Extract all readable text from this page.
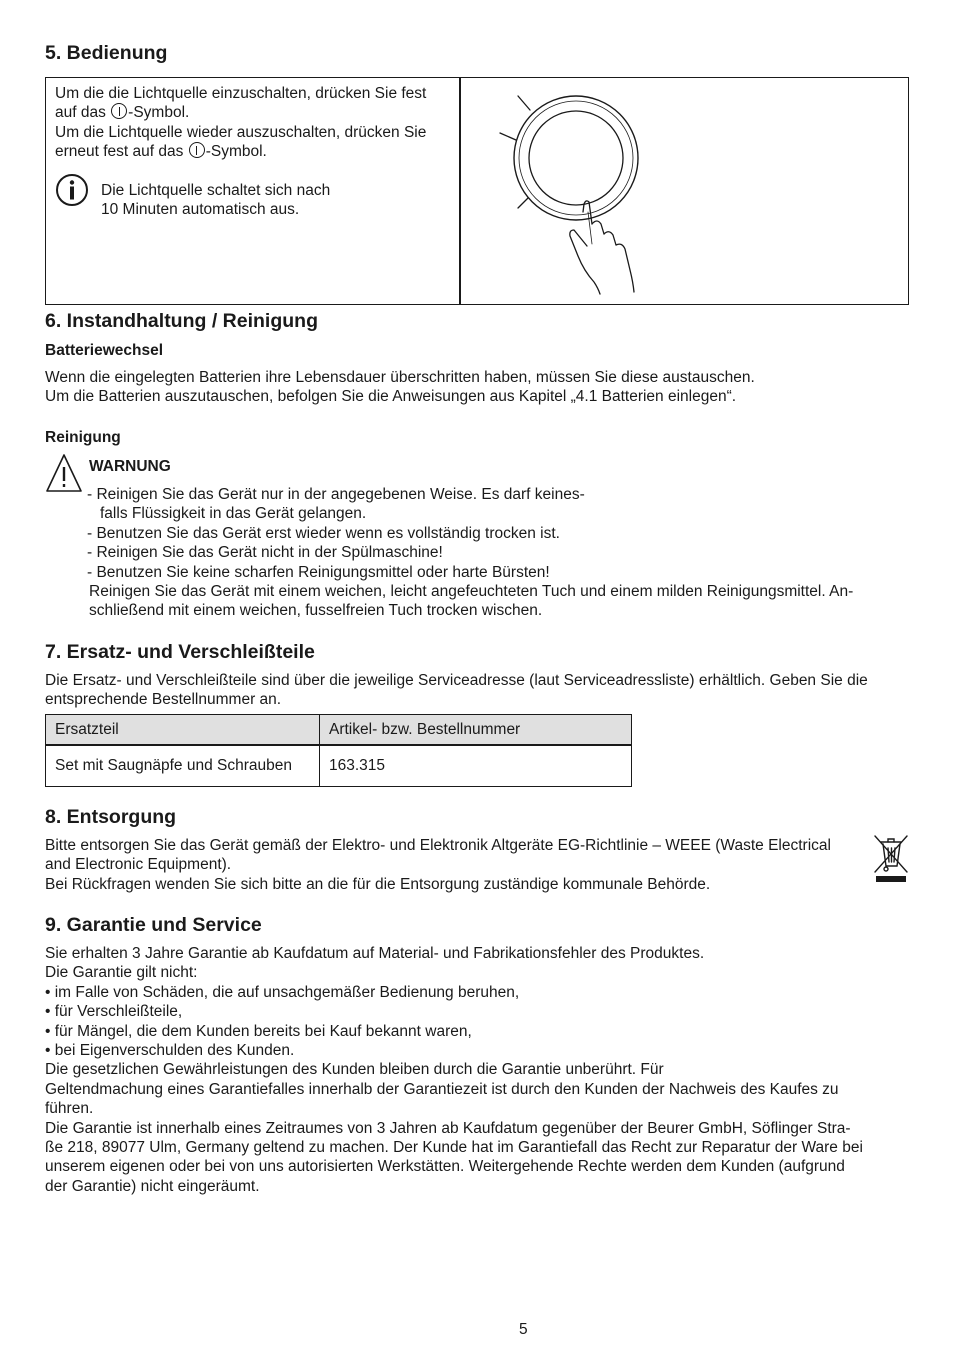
5. Bedienung
Um die die Lichtquelle einzuschalten, drücken Sie fest
auf das -Symbol.
Um die Lichtquelle wieder auszuschalten, drücken Sie
erneut fest auf das -Symbol.
Die Lichtquelle schaltet sich nach
10 Minuten automatisch aus.
6. Instandhaltung / Reinigung
Batteriewechsel
Wenn die eingelegten Batterien ihre Lebensdauer überschritten haben, müssen Sie diese austauschen.
Um die Batterien auszutauschen, befolgen Sie die Anweisungen aus Kapitel „4.1 Batterien einlegen“.
Reinigung
WARNUNG
- Reinigen Sie das Gerät nur in der angegebenen Weise. Es darf keines-
falls Flüssigkeit in das Gerät gelangen.
- Benutzen Sie das Gerät erst wieder wenn es vollständig trocken ist.
- Reinigen Sie das Gerät nicht in der Spülmaschine!
- Benutzen Sie keine scharfen Reinigungsmittel oder harte Bürsten!
Reinigen Sie das Gerät mit einem weichen, leicht angefeuchteten Tuch und einem milden Reinigungsmittel. An-
schließend mit einem weichen, fusselfreien Tuch trocken wischen.
7. Ersatz- und Verschleißteile
Die Ersatz- und Verschleißteile sind über die jeweilige Serviceadresse (laut Serviceadressliste) erhältlich. Geben Sie die
entsprechende Bestellnummer an.
Ersatzteil	Artikel- bzw. Bestellnummer
Set mit Saugnäpfe und Schrauben	163.315
8. Entsorgung
Bitte entsorgen Sie das Gerät gemäß der Elektro- und Elektronik Altgeräte EG-Richtlinie – WEEE (Waste Electrical
and Electronic Equipment).
Bei Rückfragen wenden Sie sich bitte an die für die Entsorgung zuständige kommunale Behörde.
9. Garantie und Service
Sie erhalten 3 Jahre Garantie ab Kaufdatum auf Material- und Fabrikationsfehler des Produktes.
Die Garantie gilt nicht:
• im Falle von Schäden, die auf unsachgemäßer Bedienung beruhen,
• für Verschleißteile,
• für Mängel, die dem Kunden bereits bei Kauf bekannt waren,
• bei Eigenverschulden des Kunden.
Die gesetzlichen Gewährleistungen des Kunden bleiben durch die Garantie unberührt. Für
Geltendmachung eines Garantiefalles innerhalb der Garantiezeit ist durch den Kunden der Nachweis des Kaufes zu
führen.
Die Garantie ist innerhalb eines Zeitraumes von 3 Jahren ab Kaufdatum gegenüber der Beurer GmbH, Söflinger Stra-
ße 218, 89077 Ulm, Germany geltend zu machen. Der Kunde hat im Garantiefall das Recht zur Reparatur der Ware bei
unserem eigenen oder bei von uns autorisierten Werkstätten. Weitergehende Rechte werden dem Kunden (aufgrund
der Garantie) nicht eingeräumt.
5
